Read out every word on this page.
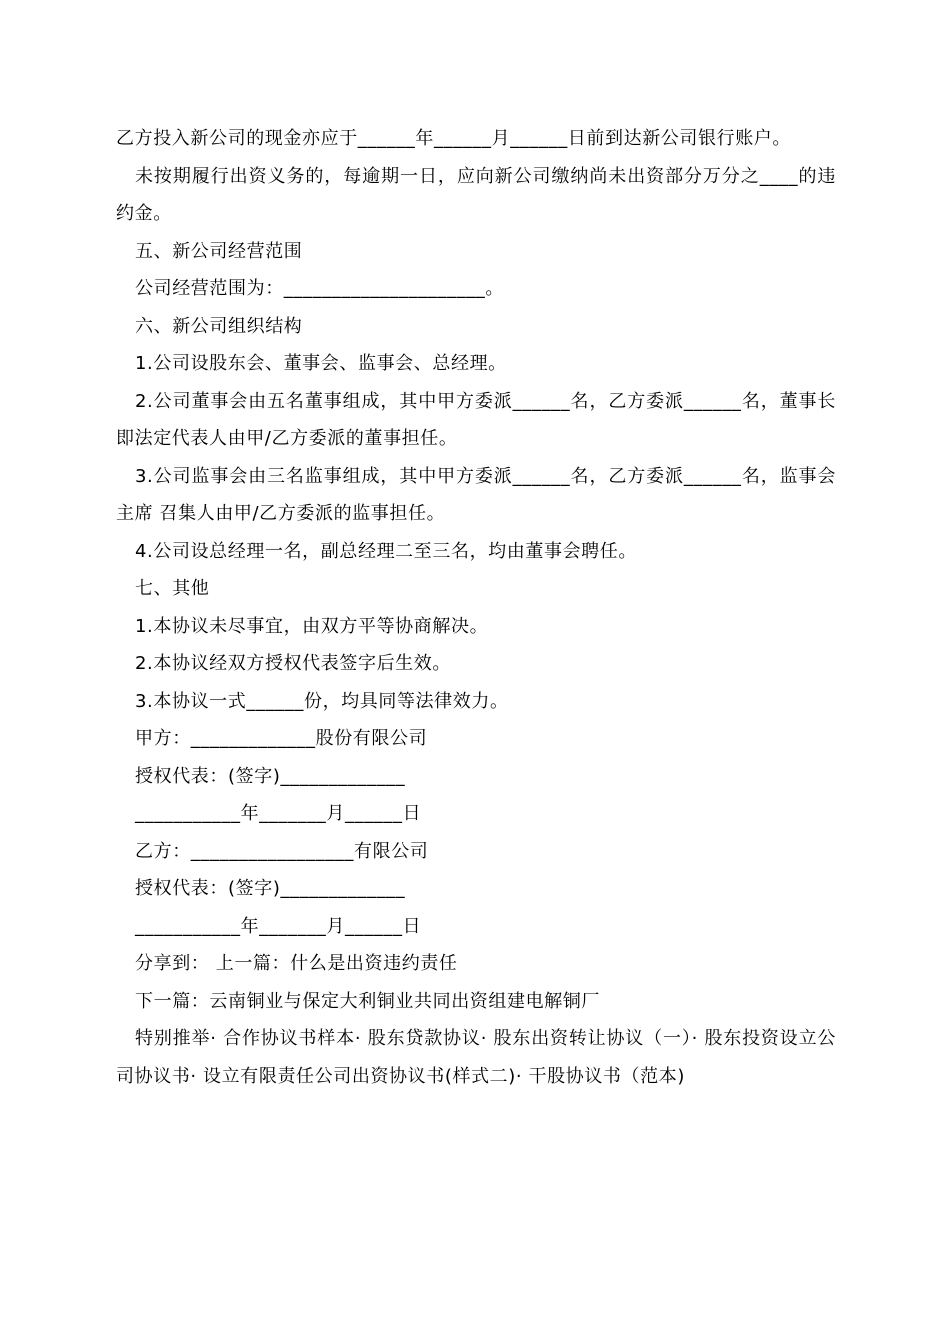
乙方投入新公司的现金亦应于______年______月______日前到达新公司银行账户。

未按期履行出资义务的，每逾期一日，应向新公司缴纳尚未出资部分万分之____的违约金。

五、新公司经营范围

公司经营范围为：_____________________。

六、新公司组织结构

1.公司设股东会、董事会、监事会、总经理。

2.公司董事会由五名董事组成，其中甲方委派______名，乙方委派______名，董事长即法定代表人由甲/乙方委派的董事担任。

3.公司监事会由三名监事组成，其中甲方委派______名，乙方委派______名，监事会主席 召集人由甲/乙方委派的监事担任。

4.公司设总经理一名，副总经理二至三名，均由董事会聘任。

七、其他

1.本协议未尽事宜，由双方平等协商解决。

2.本协议经双方授权代表签字后生效。

3.本协议一式______份，均具同等法律效力。

甲方：_____________股份有限公司

授权代表：(签字)_____________

___________年_______月______日

乙方：_________________有限公司

授权代表：(签字)_____________

___________年_______月______日

分享到： 上一篇：什么是出资违约责任

下一篇：云南铜业与保定大利铜业共同出资组建电解铜厂

特别推举· 合作协议书样本· 股东贷款协议· 股东出资转让协议（一）· 股东投资设立公司协议书· 设立有限责任公司出资协议书(样式二)· 干股协议书（范本)
